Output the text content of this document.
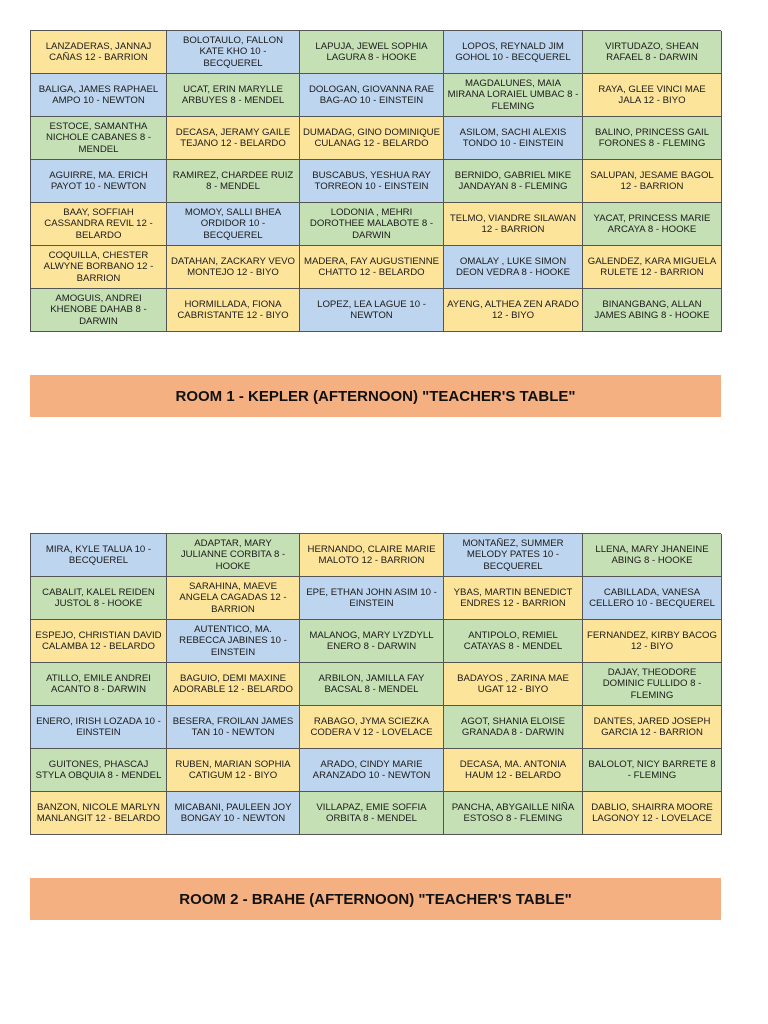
LANZADERAS, JANNAJ CAÑAS 12 - BARRION
BOLOTAULO, FALLON KATE KHO 10 - BECQUEREL
LAPUJA, JEWEL SOPHIA LAGURA 8 - HOOKE
LOPOS, REYNALD JIM GOHOL 10 - BECQUEREL
VIRTUDAZO, SHEAN RAFAEL 8 - DARWIN
BALIGA, JAMES RAPHAEL AMPO 10 - NEWTON
UCAT, ERIN MARYLLE ARBUYES 8 - MENDEL
DOLOGAN, GIOVANNA RAE BAG-AO 10 - EINSTEIN
MAGDALUNES, MAIA MIRANA LORAIEL UMBAC 8 - FLEMING
RAYA, GLEE VINCI MAE JALA 12 - BIYO
ESTOCE, SAMANTHA NICHOLE CABANES 8 - MENDEL
DECASA, JERAMY GAILE TEJANO 12 - BELARDO
DUMADAG, GINO DOMINIQUE CULANAG 12 - BELARDO
ASILOM, SACHI ALEXIS TONDO 10 - EINSTEIN
BALINO, PRINCESS GAIL FORONES 8 - FLEMING
AGUIRRE, MA. ERICH PAYOT 10 - NEWTON
RAMIREZ, CHARDEE RUIZ 8 - MENDEL
BUSCABUS, YESHUA RAY TORREON 10 - EINSTEIN
BERNIDO, GABRIEL MIKE JANDAYAN 8 - FLEMING
SALUPAN, JESAME BAGOL 12 - BARRION
BAAY, SOFFIAH CASSANDRA REVIL 12 - BELARDO
MOMOY, SALLI BHEA ORDIDOR 10 - BECQUEREL
LODONIA , MEHRI DOROTHEE MALABOTE 8 - DARWIN
TELMO, VIANDRE SILAWAN 12 - BARRION
YACAT, PRINCESS MARIE ARCAYA 8 - HOOKE
COQUILLA, CHESTER ALWYNE BORBANO 12 - BARRION
DATAHAN, ZACKARY VEVO MONTEJO 12 - BIYO
MADERA, FAY AUGUSTIENNE CHATTO 12 - BELARDO
OMALAY , LUKE SIMON DEON VEDRA 8 - HOOKE
GALENDEZ, KARA MIGUELA RULETE 12 - BARRION
AMOGUIS, ANDREI KHENOBE DAHAB 8 - DARWIN
HORMILLADA, FIONA CABRISTANTE 12 - BIYO
LOPEZ, LEA LAGUE 10 - NEWTON
AYENG, ALTHEA ZEN ARADO 12 - BIYO
BINANGBANG, ALLAN JAMES ABING 8 - HOOKE
ROOM 1 - KEPLER (AFTERNOON) "TEACHER'S TABLE"
MIRA, KYLE TALUA 10 - BECQUEREL
ADAPTAR, MARY JULIANNE CORBITA 8 - HOOKE
HERNANDO, CLAIRE MARIE MALOTO 12 - BARRION
MONTAÑEZ, SUMMER MELODY PATES 10 - BECQUEREL
LLENA, MARY JHANEINE ABING 8 - HOOKE
CABALIT, KALEL REIDEN JUSTOL 8 - HOOKE
SARAHINA, MAEVE ANGELA CAGADAS 12 - BARRION
EPE, ETHAN JOHN ASIM 10 - EINSTEIN
YBAS, MARTIN BENEDICT ENDRES 12 - BARRION
CABILLADA, VANESA CELLERO 10 - BECQUEREL
ESPEJO, CHRISTIAN DAVID CALAMBA 12 - BELARDO
AUTENTICO, MA. REBECCA JABINES 10 - EINSTEIN
MALANOG, MARY LYZDYLL ENERO 8 - DARWIN
ANTIPOLO, REMIEL CATAYAS 8 - MENDEL
FERNANDEZ, KIRBY BACOG 12 - BIYO
ATILLO, EMILE ANDREI ACANTO 8 - DARWIN
BAGUIO, DEMI MAXINE ADORABLE 12 - BELARDO
ARBILON, JAMILLA FAY BACSAL 8 - MENDEL
BADAYOS , ZARINA MAE UGAT 12 - BIYO
DAJAY, THEODORE DOMINIC FULLIDO 8 - FLEMING
ENERO, IRISH LOZADA 10 - EINSTEIN
BESERA, FROILAN JAMES TAN 10 - NEWTON
RABAGO, JYMA SCIEZKA CODERA V 12 - LOVELACE
AGOT, SHANIA ELOISE GRANADA 8 - DARWIN
DANTES, JARED JOSEPH GARCIA 12 - BARRION
GUITONES, PHASCAJ STYLA OBQUIA 8 - MENDEL
RUBEN, MARIAN SOPHIA CATIGUM 12 - BIYO
ARADO, CINDY MARIE ARANZADO 10 - NEWTON
DECASA, MA. ANTONIA HAUM 12 - BELARDO
BALOLOT, NICY BARRETE 8 - FLEMING
BANZON, NICOLE MARLYN MANLANGIT 12 - BELARDO
MICABANI, PAULEEN JOY BONGAY 10 - NEWTON
VILLAPAZ, EMIE SOFFIA ORBITA 8 - MENDEL
PANCHA, ABYGAILLE NIÑA ESTOSO 8 - FLEMING
DABLIO, SHAIRRA MOORE LAGONOY 12 - LOVELACE
ROOM 2 - BRAHE (AFTERNOON) "TEACHER'S TABLE"
